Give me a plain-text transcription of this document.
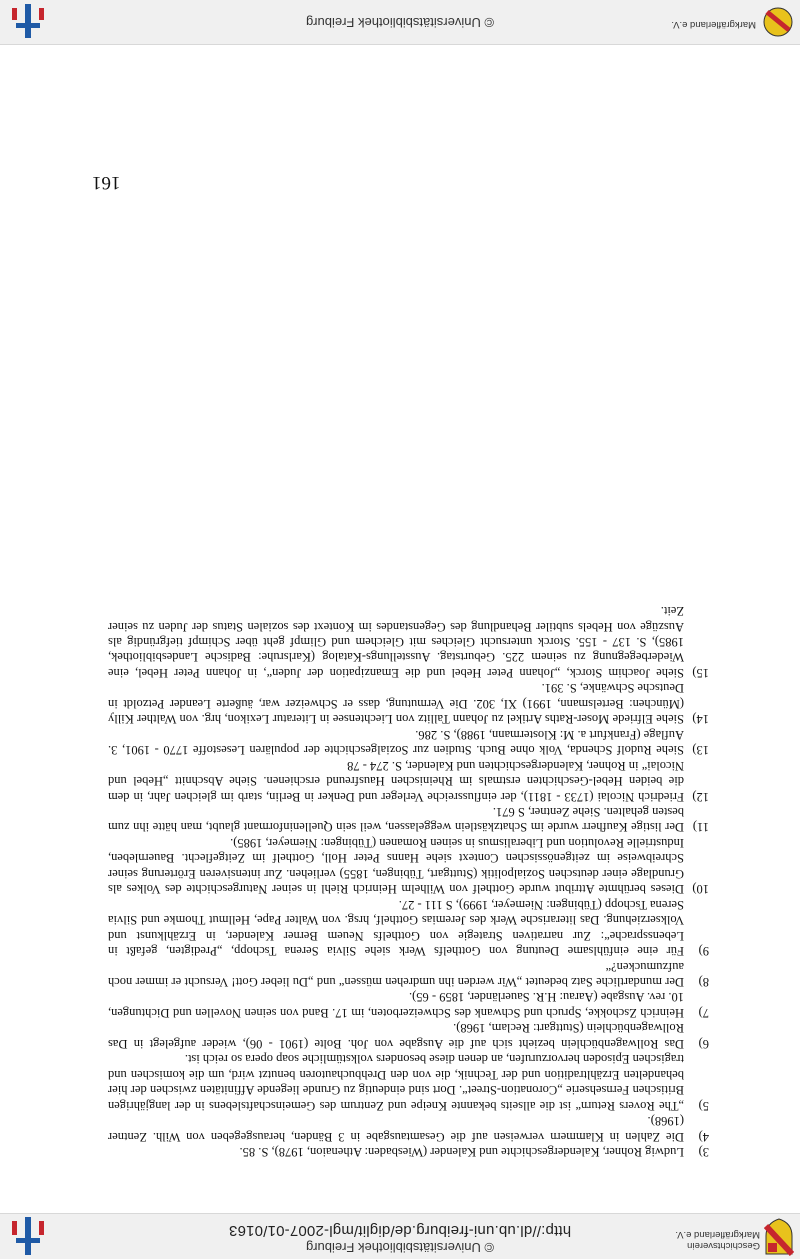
© Universitätsbibliothek Freiburg
http://dl.ub.uni-freiburg.de/diglit/mgl-2007-01/0163
Geschichtsverein
Markgräflerland e.V.
161

3)
Ludwig Rohner, Kalendergeschichte und Kalender (Wiesbaden: Athenaion, 1978), S. 85.

4)
Die Zahlen in Klammern verweisen auf die Gesamtausgabe in 3 Bänden, herausgegeben von Wilh. Zentner (1968).

5)
„The Rovers Return“ ist die allseits bekannte Kneipe und Zentrum des Gemeinschaftslebens in der langjährigen Britischen Fernsehserie „Coronation-Street“. Dort sind eindeutig zu Grunde liegende Affinitäten zwischen der hier behandelten Erzähltradition und der Technik, die von den Drehbuchautoren benutzt wird, um die komischen und tragischen Episoden hervorzurufen, an denen diese besonders volkstümliche soap opera so reich ist.

6)
Das Rollwagenbüchlein bezieht sich auf die Ausgabe von Joh. Bolte (1901 - 06), wieder aufgelegt in Das Rollwagenbüchlein (Stuttgart: Reclam, 1968).

7)
Heinrich Zschokke, Spruch und Schwank des Schweizerboten, im 17. Band von seinen Novellen und Dichtungen, 10. rev. Ausgabe (Aarau: H.R. Sauerländer, 1859 - 65).

8)
Der mundartliche Satz bedeutet „Wir werden ihn umdrehen müssen“ und „Du lieber Gott! Versucht er immer noch aufzumucken?“

9)
Für eine einfühlsame Deutung von Gotthelfs Werk siehe Silvia Serena Tschopp, „Predigten, gefaßt in Lebenssprache“: Zur narrativen Strategie von Gotthelfs Neuem Berner Kalender, in Erzählkunst und Volkserziehung. Das literarische Werk des Jeremias Gotthelf, hrsg. von Walter Pape, Hellmut Thomke und Silvia Serena Tschopp (Tübingen: Niemeyer, 1999), S 111 - 27.

10)
Dieses berühmte Attribut wurde Gotthelf von Wilhelm Heinrich Riehl in seiner Naturgeschichte des Volkes als Grundlage einer deutschen Sozialpolitik (Stuttgart, Tübingen, 1855) verliehen. Zur intensiveren Erörterung seiner Schreibweise im zeitgenössischen Context siehe Hanns Peter Holl, Gotthelf im Zeitgeflecht. Bauernleben, Industrielle Revolution und Liberalismus in seinen Romanen (Tübingen: Niemeyer, 1985).

11)
Der listige Kaufherr wurde im Schatzkästlein weggelassen, weil sein Quelleninformant glaubt, man hätte ihn zum besten gehalten. Siehe Zentner, S 671.

12)
Friedrich Nicolai (1733 - 1811), der einflussreiche Verleger und Denker in Berlin, starb im gleichen Jahr, in dem die beiden Hebel-Geschichten erstmals im Rheinischen Hausfreund erschienen. Siehe Abschnitt „Hebel und Nicolai“ in Rohner, Kalendergeschichten und Kalender, S. 274 - 78

13)
Siehe Rudolf Schenda, Volk ohne Buch. Studien zur Sozialgeschichte der populären Lesestoffe 1770 - 1901, 3. Auflage (Frankfurt a. M: Klostermann, 1988), S. 286.

14)
Siehe Elfriede Moser-Raths Artikel zu Johann Tallitz von Liechtensee in Literatur Lexikon, hrg. von Walther Killy (München: Bertelsmann, 1991) XI, 302. Die Vermutung, dass er Schweizer war, äußerte Leander Petzoldt in Deutsche Schwänke, S. 391.

15)
Siehe Joachim Storck, „Johann Peter Hebel und die Emanzipation der Juden“, in Johann Peter Hebel, eine Wiederbegegnung zu seinem 225. Geburtstag. Ausstellungs-Katalog (Karlsruhe: Badische Landesbibliothek, 1985), S. 137 - 155. Storck untersucht Gleiches mit Gleichem und Glimpf geht über Schimpf tiefgründig als Auszüge von Hebels subtiler Behandlung des Gegenstandes im Kontext des sozialen Status der Juden zu seiner Zeit.

© Universitätsbibliothek Freiburg	Markgräflerland e.V.
